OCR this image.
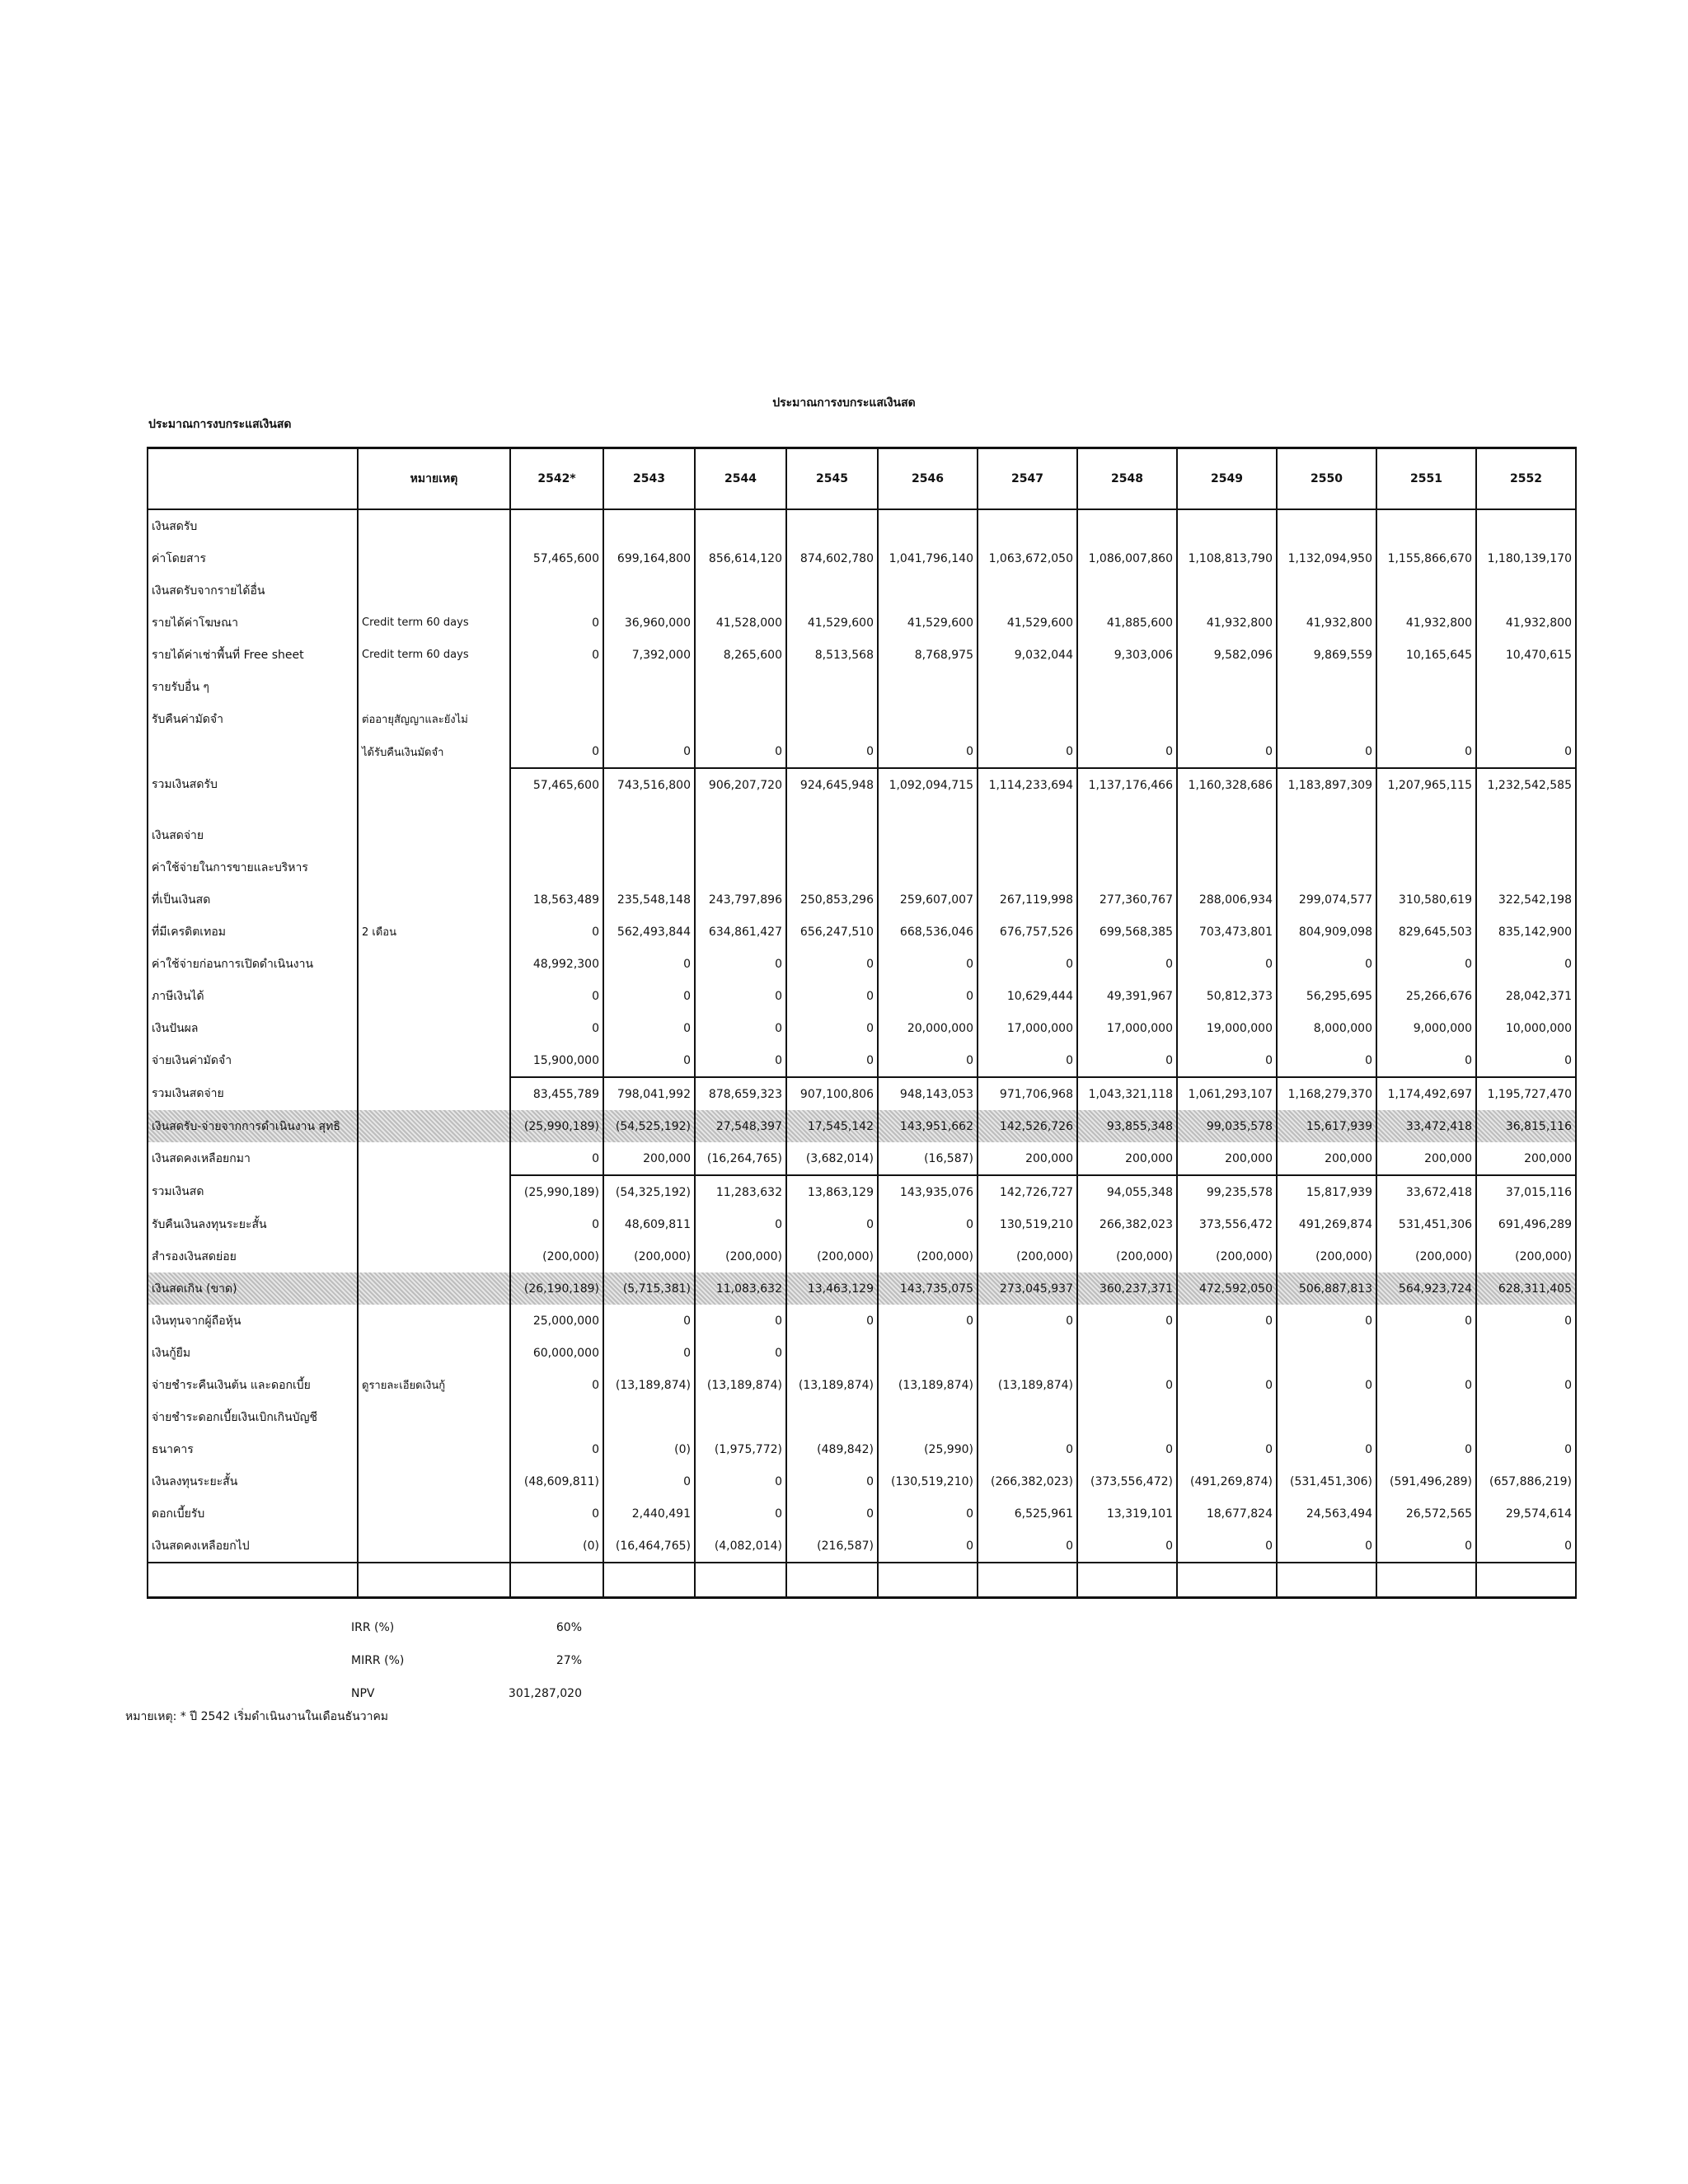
ประมาณการงบกระแสเงินสด
ประมาณการงบกระแสเงินสด
	หมายเหตุ	2542*	2543	2544	2545	2546	2547	2548	2549	2550	2551	2552
เงินสดรับ												
ค่าโดยสาร		57,465,600	699,164,800	856,614,120	874,602,780	1,041,796,140	1,063,672,050	1,086,007,860	1,108,813,790	1,132,094,950	1,155,866,670	1,180,139,170
เงินสดรับจากรายได้อื่น												
รายได้ค่าโฆษณา	Credit term 60 days	0	36,960,000	41,528,000	41,529,600	41,529,600	41,529,600	41,885,600	41,932,800	41,932,800	41,932,800	41,932,800
รายได้ค่าเช่าพื้นที่ Free sheet	Credit term 60 days	0	7,392,000	8,265,600	8,513,568	8,768,975	9,032,044	9,303,006	9,582,096	9,869,559	10,165,645	10,470,615
รายรับอื่น ๆ												
รับคืนค่ามัดจำ	ต่ออายุสัญญาและยังไม่											
	ได้รับคืนเงินมัดจำ	0	0	0	0	0	0	0	0	0	0	0
รวมเงินสดรับ		57,465,600	743,516,800	906,207,720	924,645,948	1,092,094,715	1,114,233,694	1,137,176,466	1,160,328,686	1,183,897,309	1,207,965,115	1,232,542,585

เงินสดจ่าย												
ค่าใช้จ่ายในการขายและบริหาร												
ที่เป็นเงินสด		18,563,489	235,548,148	243,797,896	250,853,296	259,607,007	267,119,998	277,360,767	288,006,934	299,074,577	310,580,619	322,542,198
ที่มีเครดิตเทอม	2 เดือน	0	562,493,844	634,861,427	656,247,510	668,536,046	676,757,526	699,568,385	703,473,801	804,909,098	829,645,503	835,142,900
ค่าใช้จ่ายก่อนการเปิดดำเนินงาน		48,992,300	0	0	0	0	0	0	0	0	0	0
ภาษีเงินได้		0	0	0	0	0	10,629,444	49,391,967	50,812,373	56,295,695	25,266,676	28,042,371
เงินปันผล		0	0	0	0	20,000,000	17,000,000	17,000,000	19,000,000	8,000,000	9,000,000	10,000,000
จ่ายเงินค่ามัดจำ		15,900,000	0	0	0	0	0	0	0	0	0	0
รวมเงินสดจ่าย		83,455,789	798,041,992	878,659,323	907,100,806	948,143,053	971,706,968	1,043,321,118	1,061,293,107	1,168,279,370	1,174,492,697	1,195,727,470
เงินสดรับ-จ่ายจากการดำเนินงาน สุทธิ		(25,990,189)	(54,525,192)	27,548,397	17,545,142	143,951,662	142,526,726	93,855,348	99,035,578	15,617,939	33,472,418	36,815,116
เงินสดคงเหลือยกมา		0	200,000	(16,264,765)	(3,682,014)	(16,587)	200,000	200,000	200,000	200,000	200,000	200,000
รวมเงินสด		(25,990,189)	(54,325,192)	11,283,632	13,863,129	143,935,076	142,726,727	94,055,348	99,235,578	15,817,939	33,672,418	37,015,116
รับคืนเงินลงทุนระยะสั้น		0	48,609,811	0	0	0	130,519,210	266,382,023	373,556,472	491,269,874	531,451,306	691,496,289
สำรองเงินสดย่อย		(200,000)	(200,000)	(200,000)	(200,000)	(200,000)	(200,000)	(200,000)	(200,000)	(200,000)	(200,000)	(200,000)
เงินสดเกิน (ขาด)		(26,190,189)	(5,715,381)	11,083,632	13,463,129	143,735,075	273,045,937	360,237,371	472,592,050	506,887,813	564,923,724	628,311,405
เงินทุนจากผู้ถือหุ้น		25,000,000	0	0	0	0	0	0	0	0	0	0
เงินกู้ยืม		60,000,000	0	0								
จ่ายชำระคืนเงินต้น และดอกเบี้ย	ดูรายละเอียดเงินกู้	0	(13,189,874)	(13,189,874)	(13,189,874)	(13,189,874)	(13,189,874)	0	0	0	0	0
จ่ายชำระดอกเบี้ยเงินเบิกเกินบัญชี												
ธนาคาร		0	(0)	(1,975,772)	(489,842)	(25,990)	0	0	0	0	0	0
เงินลงทุนระยะสั้น		(48,609,811)	0	0	0	(130,519,210)	(266,382,023)	(373,556,472)	(491,269,874)	(531,451,306)	(591,496,289)	(657,886,219)
ดอกเบี้ยรับ		0	2,440,491	0	0	0	6,525,961	13,319,101	18,677,824	24,563,494	26,572,565	29,574,614
เงินสดคงเหลือยกไป		(0)	(16,464,765)	(4,082,014)	(216,587)	0	0	0	0	0	0	0

IRR (%)	60%
MIRR (%)	27%
NPV	301,287,020
หมายเหตุ: * ปี 2542 เริ่มดำเนินงานในเดือนธันวาคม
